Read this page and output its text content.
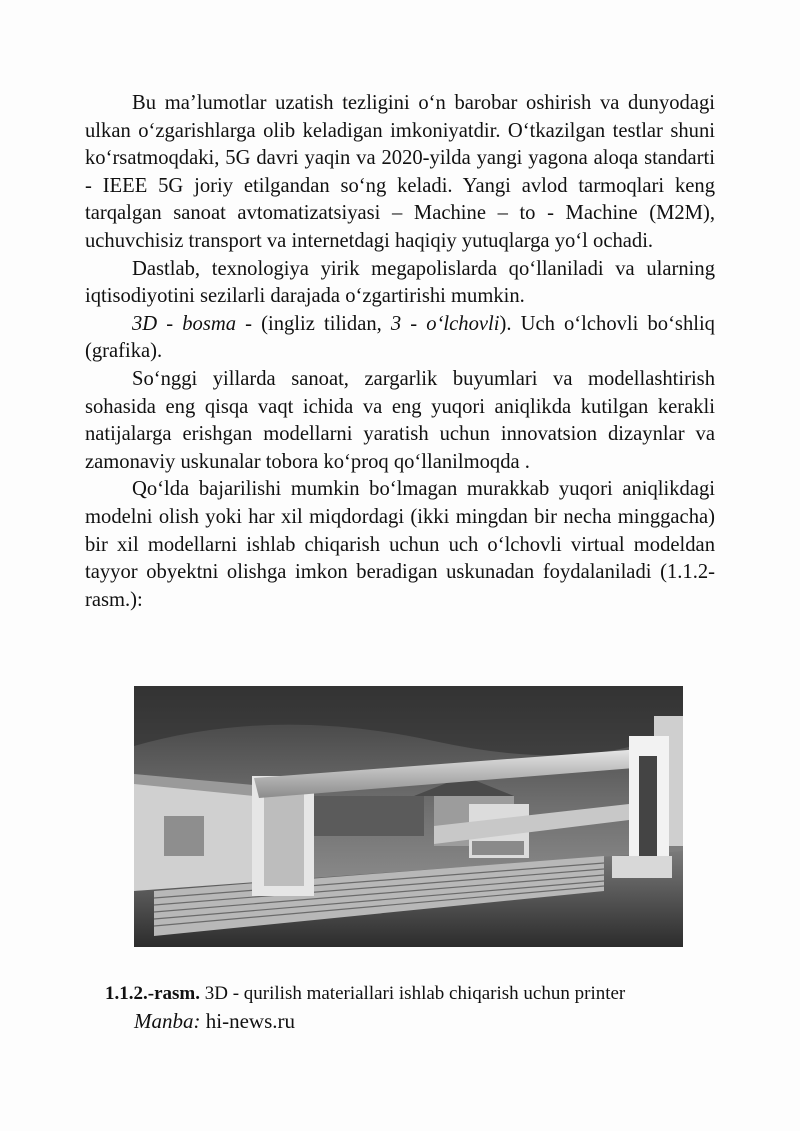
Bu ma’lumotlar uzatish tezligini o‘n barobar oshirish va dunyodagi ulkan o‘zgarishlarga olib keladigan imkoniyatdir. O‘tkazilgan testlar shuni ko‘rsatmoqdaki, 5G davri yaqin va 2020-yilda yangi yagona aloqa standarti - IEEE 5G joriy etilgandan so‘ng keladi. Yangi avlod tarmoqlari keng tarqalgan sanoat avtomatizatsiyasi – Machine – to - Machine (M2M), uchuvchisiz transport va internetdagi haqiqiy yutuqlarga yo‘l ochadi.

Dastlab, texnologiya yirik megapolislarda qo‘llaniladi va ularning iqtisodiyotini sezilarli darajada o‘zgartirishi mumkin.

3D - bosma - (ingliz tilidan, 3 - o‘lchovli). Uch o‘lchovli bo‘shliq (grafika).

So‘nggi yillarda sanoat, zargarlik buyumlari va modellashtirish sohasida eng qisqa vaqt ichida va eng yuqori aniqlikda kutilgan kerakli natijalarga erishgan modellarni yaratish uchun innovatsion dizaynlar va zamonaviy uskunalar tobora ko‘proq qo‘llanilmoqda .

Qo‘lda bajarilishi mumkin bo‘lmagan murakkab yuqori aniqlikdagi modelni olish yoki har xil miqdordagi (ikki mingdan bir necha minggacha) bir xil modellarni ishlab chiqarish uchun uch o‘lchovli virtual modeldan tayyor obyektni olishga imkon beradigan uskunadan foydalaniladi (1.1.2-rasm.):

1.1.2.-rasm. 3D - qurilish materiallari ishlab chiqarish uchun printer
Manba: hi-news.ru
